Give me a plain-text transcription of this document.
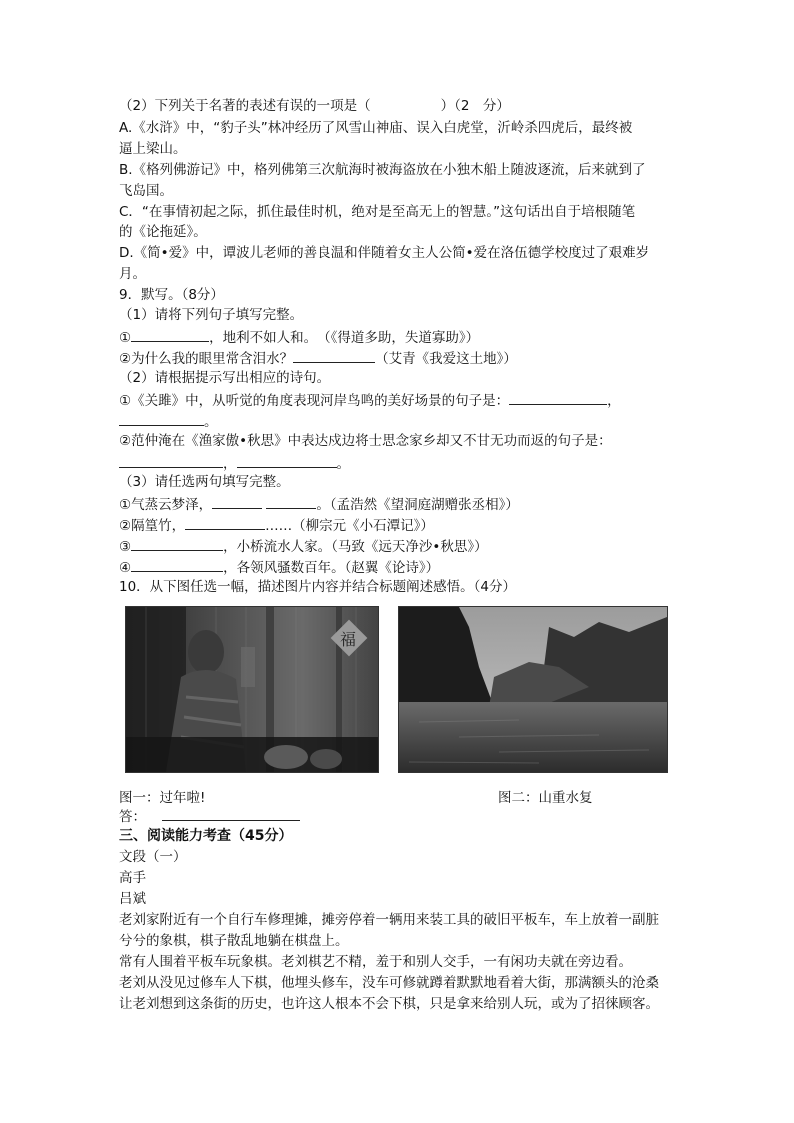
（2）下列关于名著的表述有误的一项是（	）（2　分）
A.《水浒》中，“豹子头”林冲经历了风雪山神庙、误入白虎堂，沂岭杀四虎后，最终被
逼上梁山。
B.《格列佛游记》中，格列佛第三次航海时被海盗放在小独木船上随波逐流，后来就到了
飞岛国。
C．“在事情初起之际，抓住最佳时机，绝对是至高无上的智慧。”这句话出自于培根随笔
的《论拖延》。
D.《简•爱》中，谭波儿老师的善良温和伴随着女主人公简•爱在洛伍德学校度过了艰难岁
月。
9．默写。（8分）
（1）请将下列句子填写完整。
①	，地利不如人和。　（《得道多助，失道寡助》）
②为什么我的眼里常含泪水？	（艾青《我爱这土地》）
（2）请根据提示写出相应的诗句。
①《关雎》中，从听觉的角度表现河岸鸟鸣的美好场景的句子是：	，
。
②范仲淹在《渔家傲•秋思》中表达戍边将士思念家乡却又不甘无功而返的句子是：
，	。
（3）请任选两句填写完整。
①气蒸云梦泽，	。（孟浩然《望洞庭湖赠张丞相》）
②隔篁竹，	……（柳宗元《小石潭记》）
③	，小桥流水人家。（马致《远天净沙•秋思》）
④	，各领风骚数百年。（赵翼《论诗》）
10．从下图任选一幅，描述图片内容并结合标题阐述感悟。（4分）
福
图一：过年啦!	图二：山重水复
答：
三、阅读能力考查（45分）
文段（一）
高手
吕斌
老刘家附近有一个自行车修理摊，摊旁停着一辆用来装工具的破旧平板车，车上放着一副脏
兮兮的象棋，棋子散乱地躺在棋盘上。
常有人围着平板车玩象棋。老刘棋艺不精，羞于和别人交手，一有闲功夫就在旁边看。
老刘从没见过修车人下棋，他埋头修车，没车可修就蹲着默默地看着大街，那满额头的沧桑
让老刘想到这条街的历史，也许这人根本不会下棋，只是拿来给别人玩，或为了招徕顾客。
